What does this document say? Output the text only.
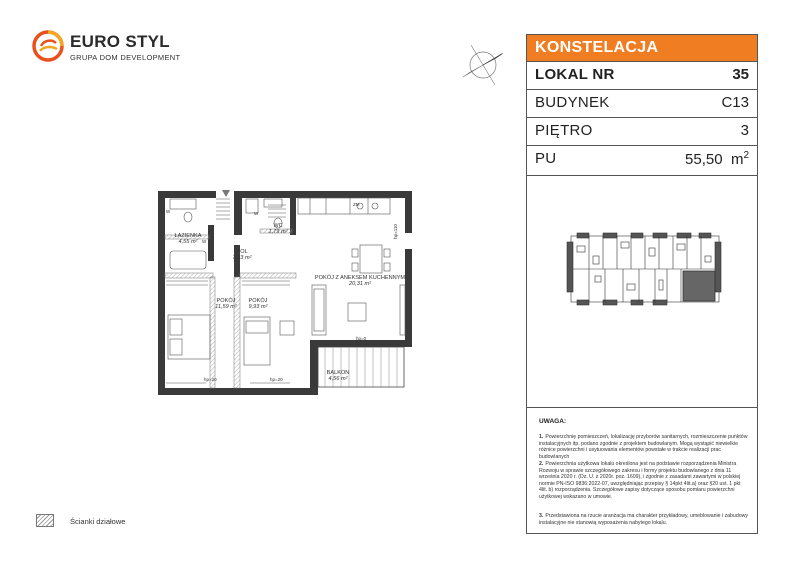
EURO STYL
GRUPA DOM DEVELOPMENT
KONSTELACJA
LOKAL NR	35
BUDYNEK	C13
PIĘTRO	3
PU	55,50 $m^2$
UWAGA:
1. Powierzchnię pomieszczeń, lokalizację przyborów sanitarnych, rozmieszczenie punktów instalacyjnych itp. podano zgodnie z projektem budowlanym. Mogą wystąpić niewielkie różnice powierzchni i usytuowania elementów powstałe w trakcie realizacji prac budowlanych
2. Powierzchnia użytkowa lokalu określona jest na podstawie rozporządzenia Ministra Rozwoju w sprawie szczegółowego zakresu i formy projektu budowlanego z dnia 11 września 2020 r. (Dz. U. z 2020r. poz. 1609), i zgodnie z zasadami zawartymi w polskiej normie PN-ISO 9836:2022-07, uwzględniając przepisy § 14pkt 4lit.a) oraz §20 ust. 1 pkt 4lit. b) rozporządzenia. Szczegółowe zapisy dotyczące sposobu pomiaru powierzchni użytkowej wskazano w umowie.
3. Przedstawiona na rzucie aranżacja ma charakter przykładowy, umeblowanie i zabudowy instalacyjne nie stanowią wyposażenia nabytego lokalu.
ŁAZIENKA
4,55 m²
WC
1,79 m²
HOL
7,33 m²
POKÓJ Z ANEKSEM KUCHENNYM
20,31 m²
POKÓJ
11,59 m²
POKÓJ
9,93 m²
BALKON
4,56 m²
W	W
W
ZM
hp=0
hp=20	hp=20
hp=110
Ścianki działowe
